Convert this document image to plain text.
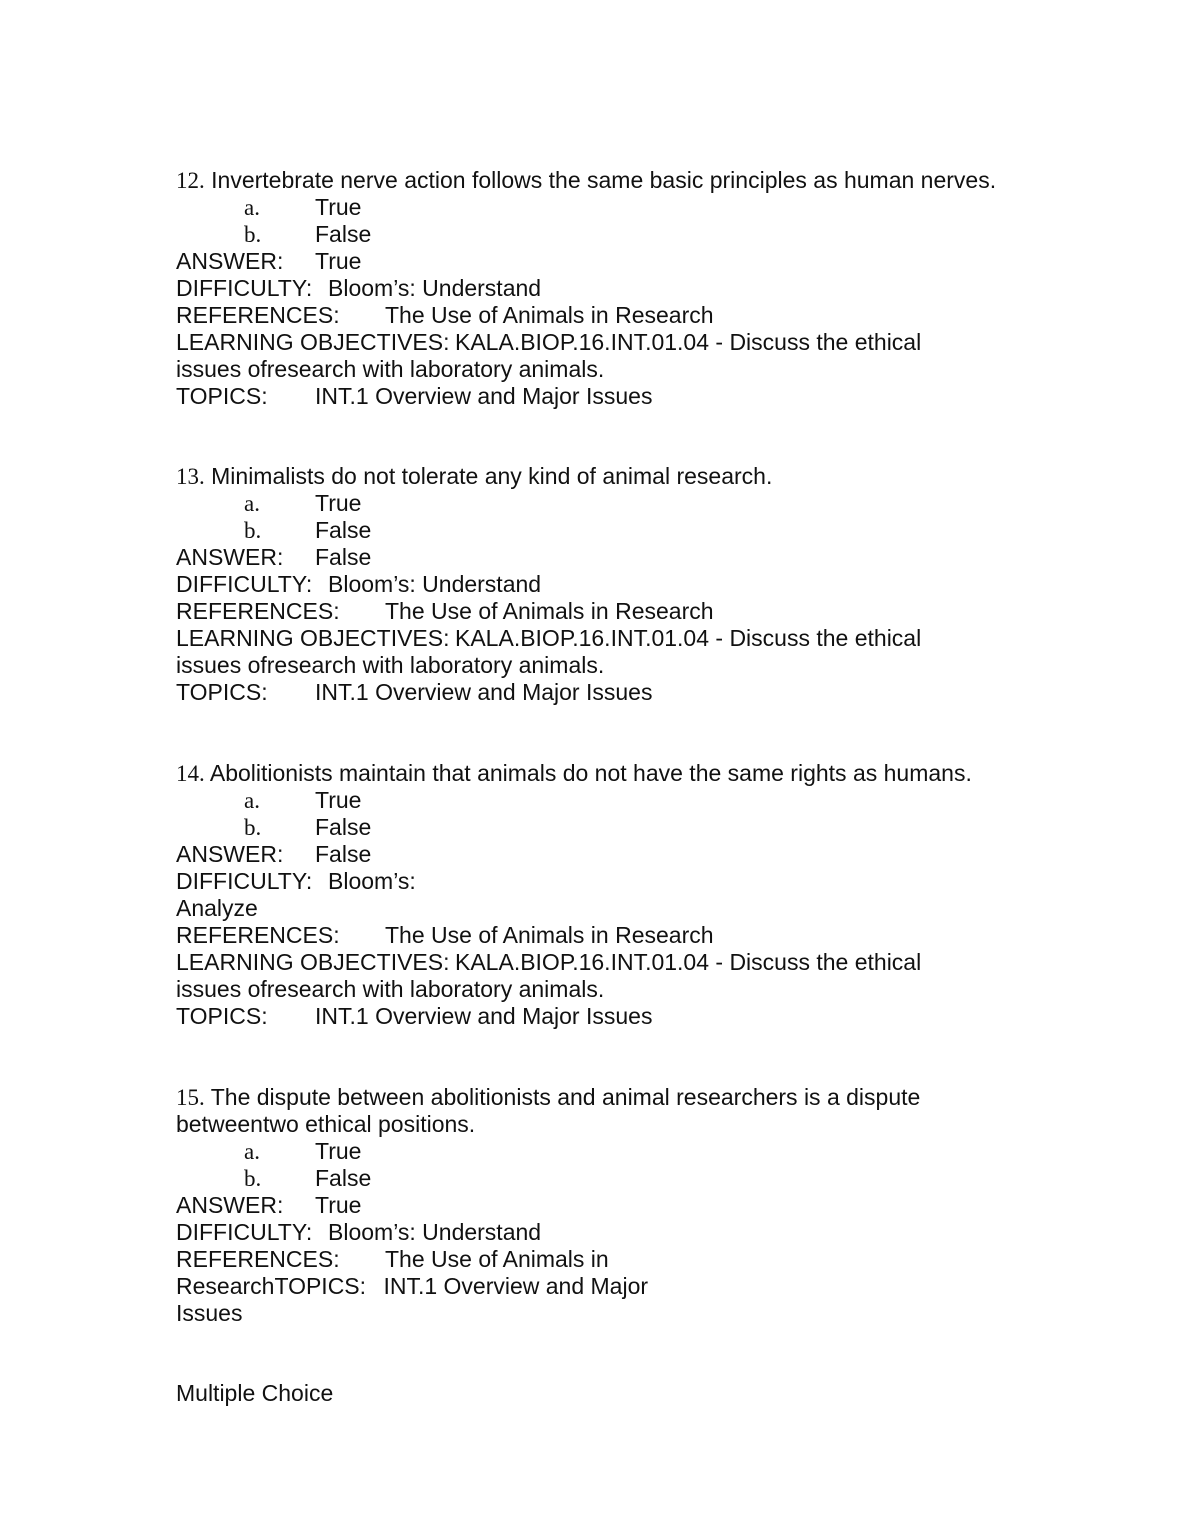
12. Invertebrate nerve action follows the same basic principles as human nerves.
a. True
b. False
ANSWER: True
DIFFICULTY: Bloom’s: Understand
REFERENCES: The Use of Animals in Research
LEARNING OBJECTIVES: KALA.BIOP.16.INT.01.04 - Discuss the ethical
issues ofresearch with laboratory animals.
TOPICS: INT.1 Overview and Major Issues
13. Minimalists do not tolerate any kind of animal research.
a. True
b. False
ANSWER: False
DIFFICULTY: Bloom’s: Understand
REFERENCES: The Use of Animals in Research
LEARNING OBJECTIVES: KALA.BIOP.16.INT.01.04 - Discuss the ethical
issues ofresearch with laboratory animals.
TOPICS: INT.1 Overview and Major Issues
14. Abolitionists maintain that animals do not have the same rights as humans.
a. True
b. False
ANSWER: False
DIFFICULTY: Bloom’s:
Analyze
REFERENCES: The Use of Animals in Research
LEARNING OBJECTIVES: KALA.BIOP.16.INT.01.04 - Discuss the ethical
issues ofresearch with laboratory animals.
TOPICS: INT.1 Overview and Major Issues
15. The dispute between abolitionists and animal researchers is a dispute
betweentwo ethical positions.
a. True
b. False
ANSWER: True
DIFFICULTY: Bloom’s: Understand
REFERENCES: The Use of Animals in
ResearchTOPICS: INT.1 Overview and Major
Issues
Multiple Choice
